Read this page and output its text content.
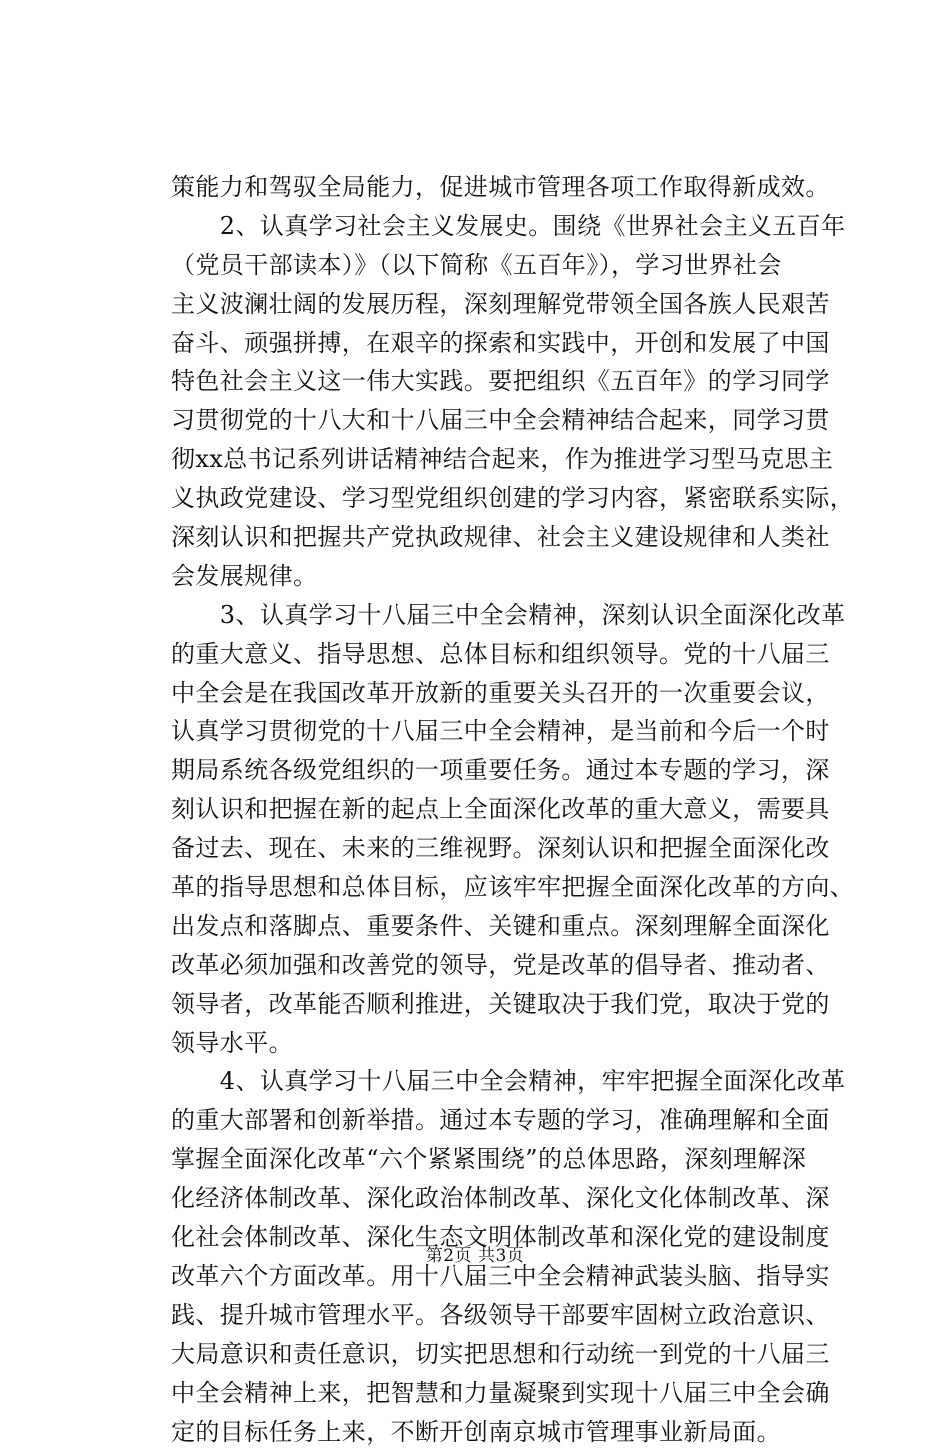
策能力和驾驭全局能力，促进城市管理各项工作取得新成效。
　　2、认真学习社会主义发展史。围绕《世界社会主义五百年
（党员干部读本）》（以下简称《五百年》），学习世界社会
主义波澜壮阔的发展历程，深刻理解党带领全国各族人民艰苦
奋斗、顽强拼搏，在艰辛的探索和实践中，开创和发展了中国
特色社会主义这一伟大实践。要把组织《五百年》的学习同学
习贯彻党的十八大和十八届三中全会精神结合起来，同学习贯
彻xx总书记系列讲话精神结合起来，作为推进学习型马克思主
义执政党建设、学习型党组织创建的学习内容，紧密联系实际，
深刻认识和把握共产党执政规律、社会主义建设规律和人类社
会发展规律。
　　3、认真学习十八届三中全会精神，深刻认识全面深化改革
的重大意义、指导思想、总体目标和组织领导。党的十八届三
中全会是在我国改革开放新的重要关头召开的一次重要会议，
认真学习贯彻党的十八届三中全会精神，是当前和今后一个时
期局系统各级党组织的一项重要任务。通过本专题的学习，深
刻认识和把握在新的起点上全面深化改革的重大意义，需要具
备过去、现在、未来的三维视野。深刻认识和把握全面深化改
革的指导思想和总体目标，应该牢牢把握全面深化改革的方向、
出发点和落脚点、重要条件、关键和重点。深刻理解全面深化
改革必须加强和改善党的领导，党是改革的倡导者、推动者、
领导者，改革能否顺利推进，关键取决于我们党，取决于党的
领导水平。
　　4、认真学习十八届三中全会精神，牢牢把握全面深化改革
的重大部署和创新举措。通过本专题的学习，准确理解和全面
掌握全面深化改革“六个紧紧围绕”的总体思路，深刻理解深
化经济体制改革、深化政治体制改革、深化文化体制改革、深
化社会体制改革、深化生态文明体制改革和深化党的建设制度
改革六个方面改革。用十八届三中全会精神武装头脑、指导实
践、提升城市管理水平。各级领导干部要牢固树立政治意识、
大局意识和责任意识，切实把思想和行动统一到党的十八届三
中全会精神上来，把智慧和力量凝聚到实现十八届三中全会确
定的目标任务上来，不断开创南京城市管理事业新局面。
第2页 共3页
